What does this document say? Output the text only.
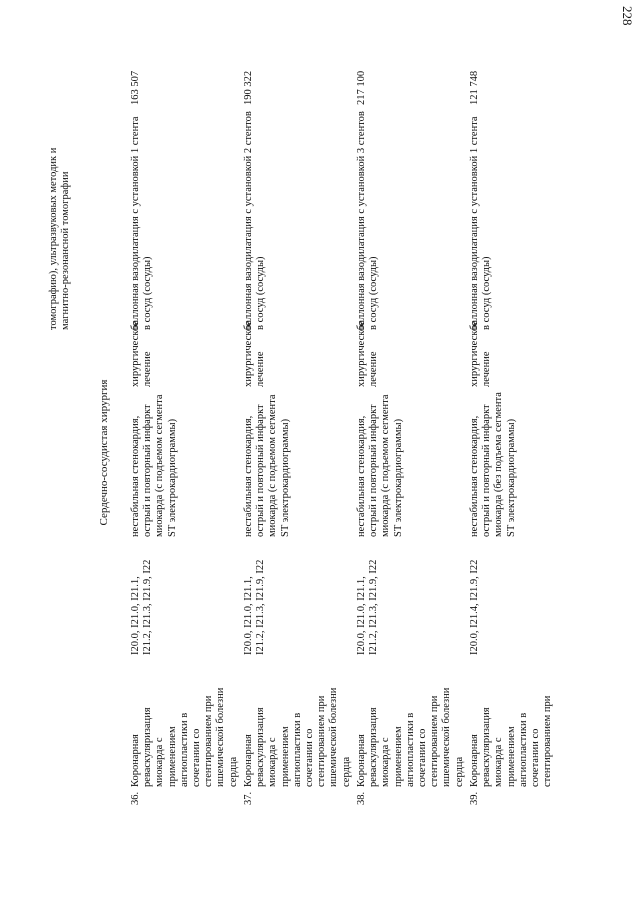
228
томографию), ультразвуковых методик и магнитно-резонансной томографии
Сердечно-сосудистая хирургия
36.
Коронарная реваскуляризация миокарда с применением ангиопластики в сочетании со стентированием при ишемической болезни сердца
I20.0, I21.0, I21.1, I21.2, I21.3, I21.9, I22
нестабильная стенокардия, острый и повторный инфаркт миокарда (с подъемом сегмента ST электрокардиограммы)
хирургическое лечение
баллонная вазодилатация с установкой 1 стента в сосуд (сосуды)
163 507
37.
Коронарная реваскуляризация миокарда с применением ангиопластики в сочетании со стентированием при ишемической болезни сердца
I20.0, I21.0, I21.1, I21.2, I21.3, I21.9, I22
нестабильная стенокардия, острый и повторный инфаркт миокарда (с подъемом сегмента ST электрокардиограммы)
хирургическое лечение
баллонная вазодилатация с установкой 2 стентов в сосуд (сосуды)
190 322
38.
Коронарная реваскуляризация миокарда с применением ангиопластики в сочетании со стентированием при ишемической болезни сердца
I20.0, I21.0, I21.1, I21.2, I21.3, I21.9, I22
нестабильная стенокардия, острый и повторный инфаркт миокарда (с подъемом сегмента ST электрокардиограммы)
хирургическое лечение
баллонная вазодилатация с установкой 3 стентов в сосуд (сосуды)
217 100
39.
Коронарная реваскуляризация миокарда с применением ангиопластики в сочетании со стентированием при
I20.0, I21.4, I21.9, I22
нестабильная стенокардия, острый и повторный инфаркт миокарда (без подъема сегмента ST электрокардиограммы)
хирургическое лечение
баллонная вазодилатация с установкой 1 стента в сосуд (сосуды)
121 748
